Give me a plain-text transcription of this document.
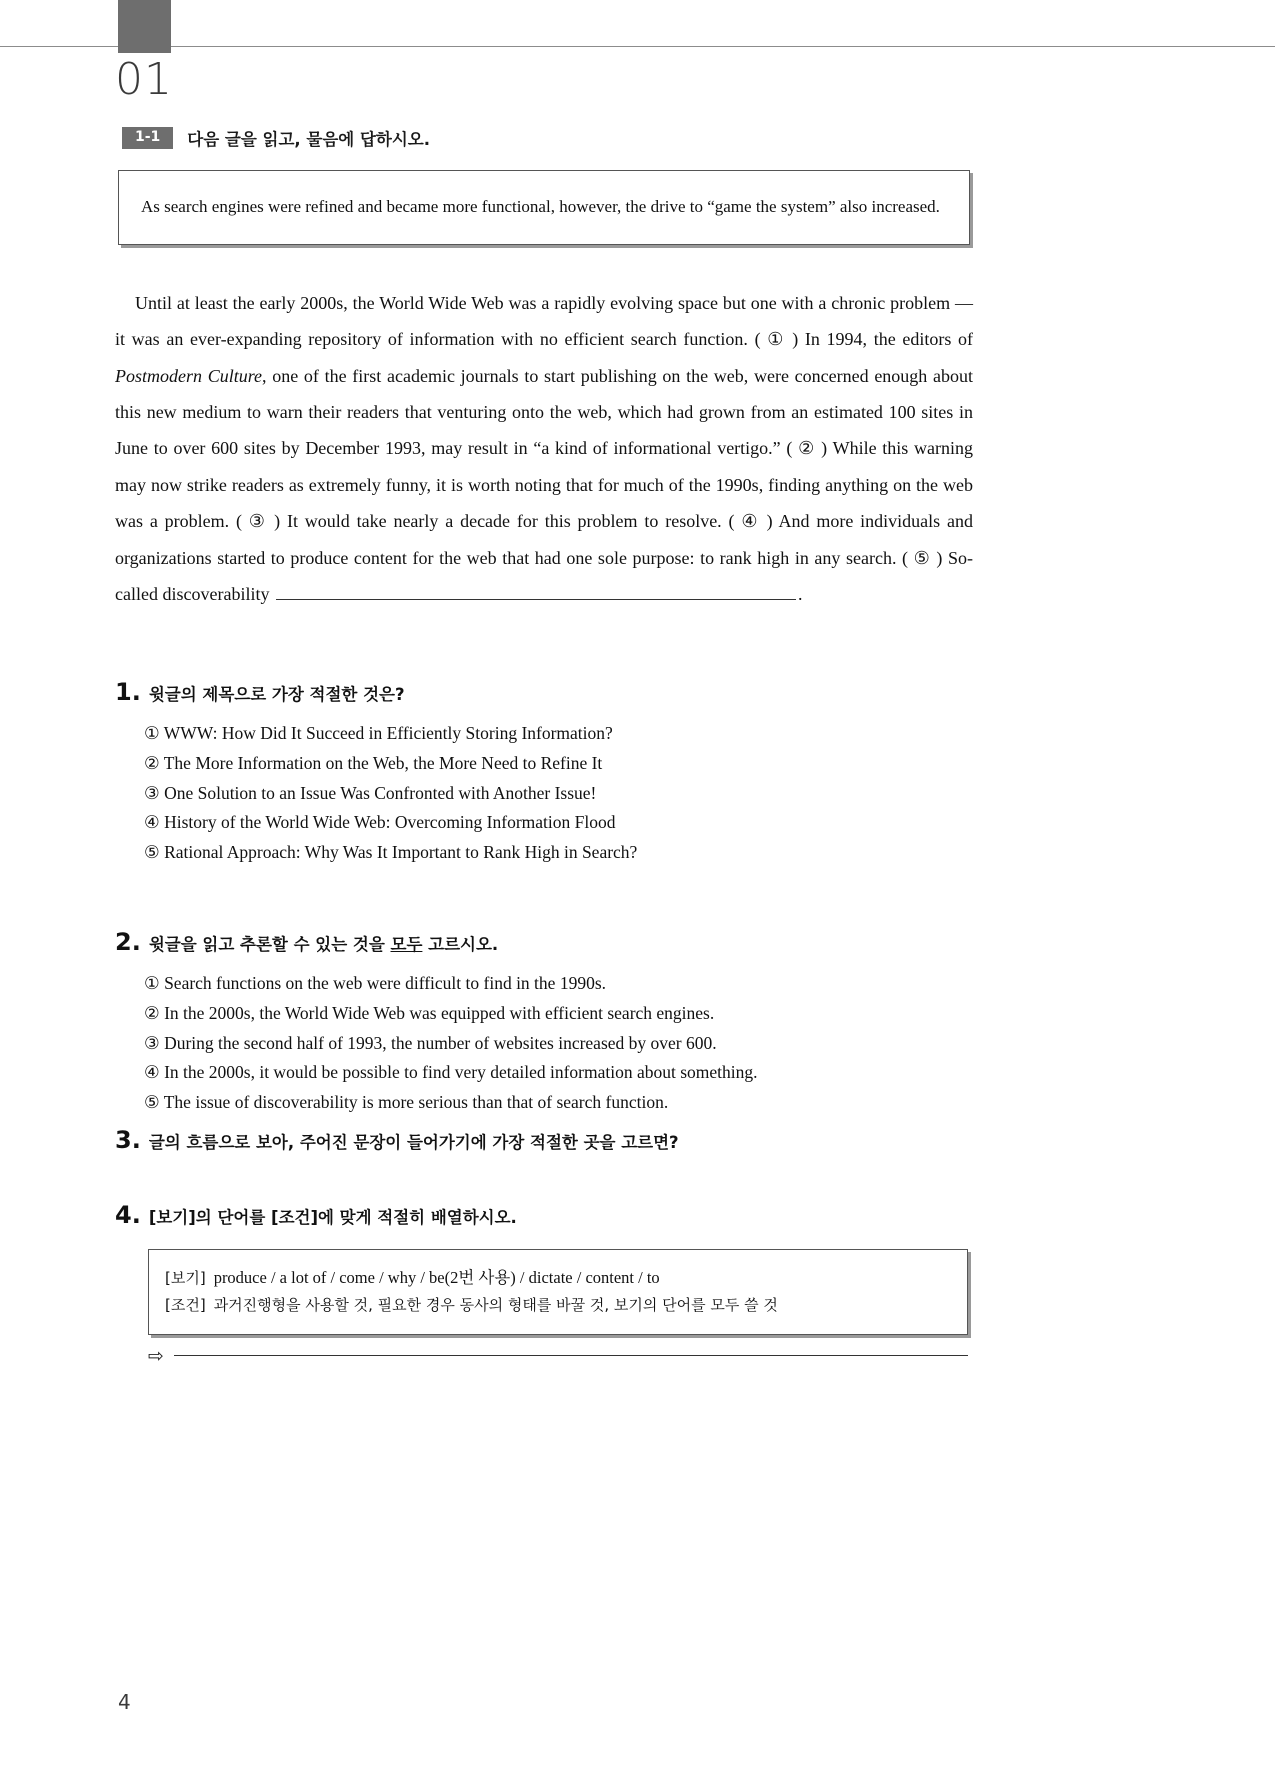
01
1-1	다음 글을 읽고, 물음에 답하시오.
As search engines were refined and became more functional, however, the drive to “game the system” also increased.
Until at least the early 2000s, the World Wide Web was a rapidly evolving space but one with a chronic problem — it was an ever-expanding repository of information with no efficient search function. ( ① ) In 1994, the editors of Postmodern Culture, one of the first academic journals to start publishing on the web, were concerned enough about this new medium to warn their readers that venturing onto the web, which had grown from an estimated 100 sites in June to over 600 sites by December 1993, may result in “a kind of informational vertigo.” ( ② ) While this warning may now strike readers as extremely funny, it is worth noting that for much of the 1990s, finding anything on the web was a problem. ( ③ ) It would take nearly a decade for this problem to resolve. ( ④ ) And more individuals and organizations started to produce content for the web that had one sole purpose: to rank high in any search. ( ⑤ ) So-called discoverability	.
1. 윗글의 제목으로 가장 적절한 것은?
① WWW: How Did It Succeed in Efficiently Storing Information?
② The More Information on the Web, the More Need to Refine It
③ One Solution to an Issue Was Confronted with Another Issue!
④ History of the World Wide Web: Overcoming Information Flood
⑤ Rational Approach: Why Was It Important to Rank High in Search?
2. 윗글을 읽고 추론할 수 있는 것을 모두 고르시오.
① Search functions on the web were difficult to find in the 1990s.
② In the 2000s, the World Wide Web was equipped with efficient search engines.
③ During the second half of 1993, the number of websites increased by over 600.
④ In the 2000s, it would be possible to find very detailed information about something.
⑤ The issue of discoverability is more serious than that of search function.
3. 글의 흐름으로 보아, 주어진 문장이 들어가기에 가장 적절한 곳을 고르면?
4. [보기]의 단어를 [조건]에 맞게 적절히 배열하시오.
[보기] produce / a lot of / come / why / be(2번 사용) / dictate / content / to
[조건] 과거진행형을 사용할 것, 필요한 경우 동사의 형태를 바꿀 것, 보기의 단어를 모두 쓸 것
⇨
4
